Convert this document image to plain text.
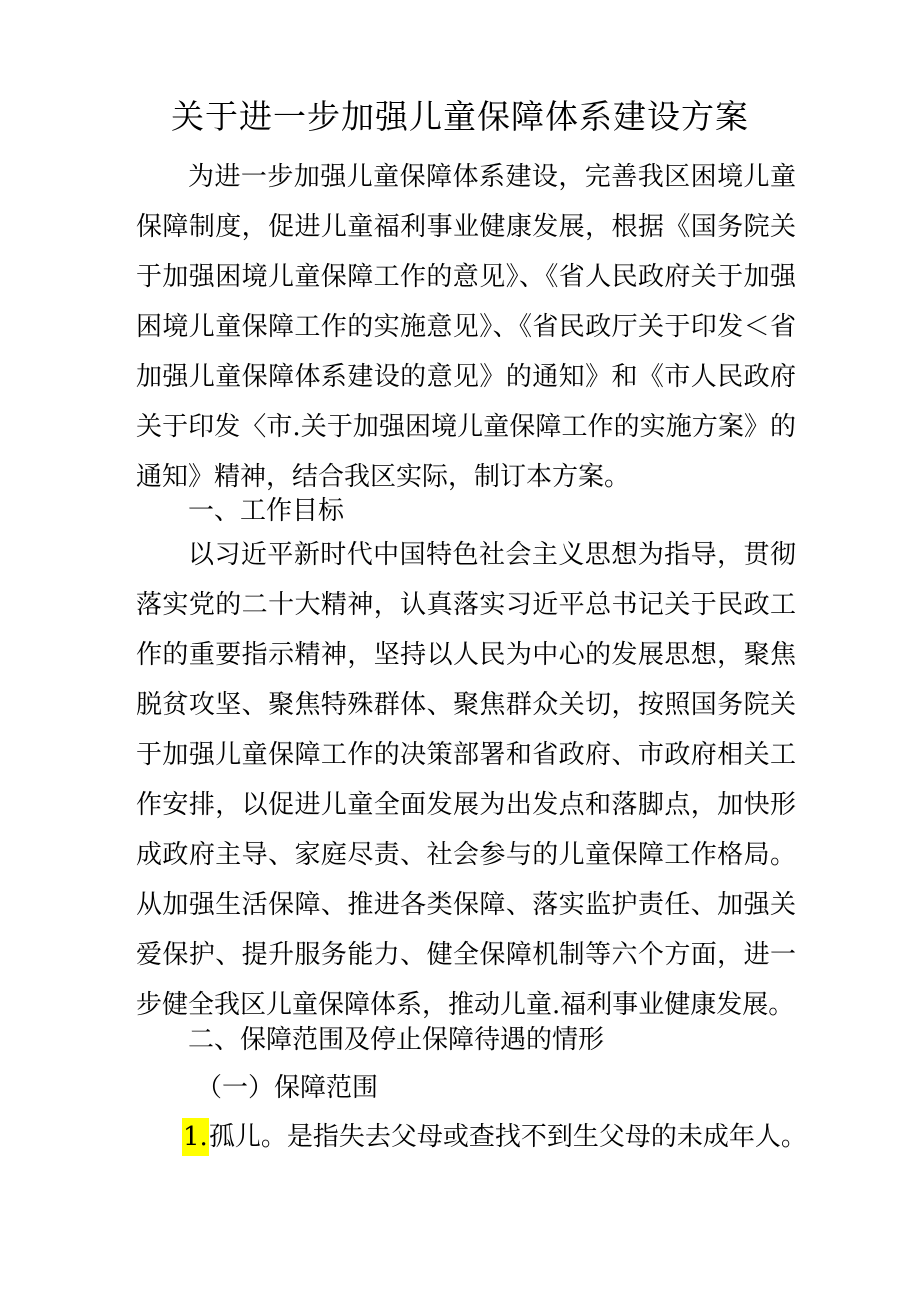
关于进一步加强儿童保障体系建设方案

为进一步加强儿童保障体系建设，完善我区困境儿童保障制度，促进儿童福利事业健康发展，根据《国务院关于加强困境儿童保障工作的意见》、《省人民政府关于加强困境儿童保障工作的实施意见》、《省民政厅关于印发＜省加强儿童保障体系建设的意见》的通知》和《市人民政府关于印发〈市.关于加强困境儿童保障工作的实施方案》的通知》精神，结合我区实际，制订本方案。

一、工作目标

以习近平新时代中国特色社会主义思想为指导，贯彻落实党的二十大精神，认真落实习近平总书记关于民政工作的重要指示精神，坚持以人民为中心的发展思想，聚焦脱贫攻坚、聚焦特殊群体、聚焦群众关切，按照国务院关于加强儿童保障工作的决策部署和省政府、市政府相关工作安排，以促进儿童全面发展为出发点和落脚点，加快形成政府主导、家庭尽责、社会参与的儿童保障工作格局。从加强生活保障、推进各类保障、落实监护责任、加强关爱保护、提升服务能力、健全保障机制等六个方面，进一步健全我区儿童保障体系，推动儿童.福利事业健康发展。

二、保障范围及停止保障待遇的情形

（一）保障范围

1.孤儿。是指失去父母或查找不到生父母的未成年人。
